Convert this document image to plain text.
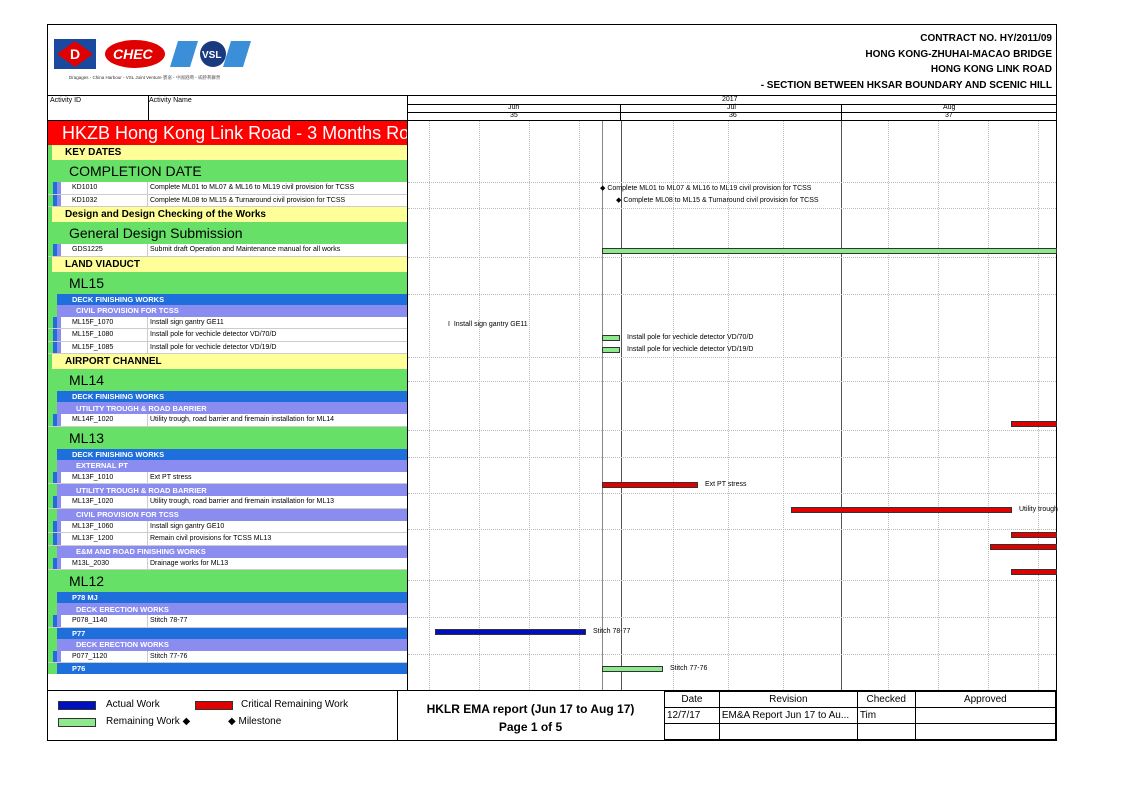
D CHEC	VSL
Dragages - China Harbour - VSL Joint Venture 寶嘉 - 中國港灣 - 威勝利聯營
CONTRACT NO. HY/2011/09
HONG KONG-ZHUHAI-MACAO BRIDGE
HONG KONG LINK ROAD
- SECTION BETWEEN HKSAR BOUNDARY AND SCENIC HILL
Activity ID	Activity Name	2017
Jun
35
Jul
36
Aug
37
HKZB Hong Kong Link Road - 3 Months Rolling Programme
KEY DATES
COMPLETION DATE
KD1010	Complete ML01 to ML07 & ML16 to ML19 civil provision for TCSS
KD1032	Complete ML08 to ML15 & Turnaround civil provision for TCSS
Design and Design Checking of the Works
General Design Submission
GDS1225	Submit draft Operation and Maintenance manual for all works
LAND VIADUCT
ML15
DECK FINISHING WORKS
CIVIL PROVISION FOR TCSS
ML15F_1070	Install sign gantry GE11
ML15F_1080	Install pole for vechicle detector VD/70/D
ML15F_1085	Install pole for vechicle detector VD/19/D
AIRPORT CHANNEL
ML14
DECK FINISHING WORKS
UTILITY TROUGH & ROAD BARRIER
ML14F_1020	Utility trough, road barrier and firemain installation for ML14
ML13
DECK FINISHING WORKS
EXTERNAL PT
ML13F_1010	Ext PT stress
UTILITY TROUGH & ROAD BARRIER
ML13F_1020	Utility trough, road barrier and firemain installation for ML13
CIVIL PROVISION FOR TCSS
ML13F_1060	Install sign gantry GE10
ML13F_1200	Remain civil provisions for TCSS ML13
E&M AND ROAD FINISHING WORKS
M13L_2030	Drainage works for ML13
ML12
P78 MJ
DECK ERECTION WORKS
P078_1140	Stitch 78-77
P77
DECK ERECTION WORKS
P077_1120	Stitch 77-76
P76
◆ Complete ML01 to ML07 & ML16 to ML19 civil provision for TCSS
◆ Complete ML08 to ML15 & Turnaround civil provision for TCSS
I  Install sign gantry GE11
Install pole for vechicle detector VD/70/D
Install pole for vechicle detector VD/19/D
Ext PT stress
Utility trough
Stitch 78-77
Stitch 77-76
Actual Work	Critical Remaining Work
Remaining Work ◆	◆ Milestone
HKLR EMA report (Jun 17 to Aug 17)
Page 1 of 5
Date	Revision	Checked	Approved
12/7/17	EM&A Report Jun 17 to Au...	Tim	
